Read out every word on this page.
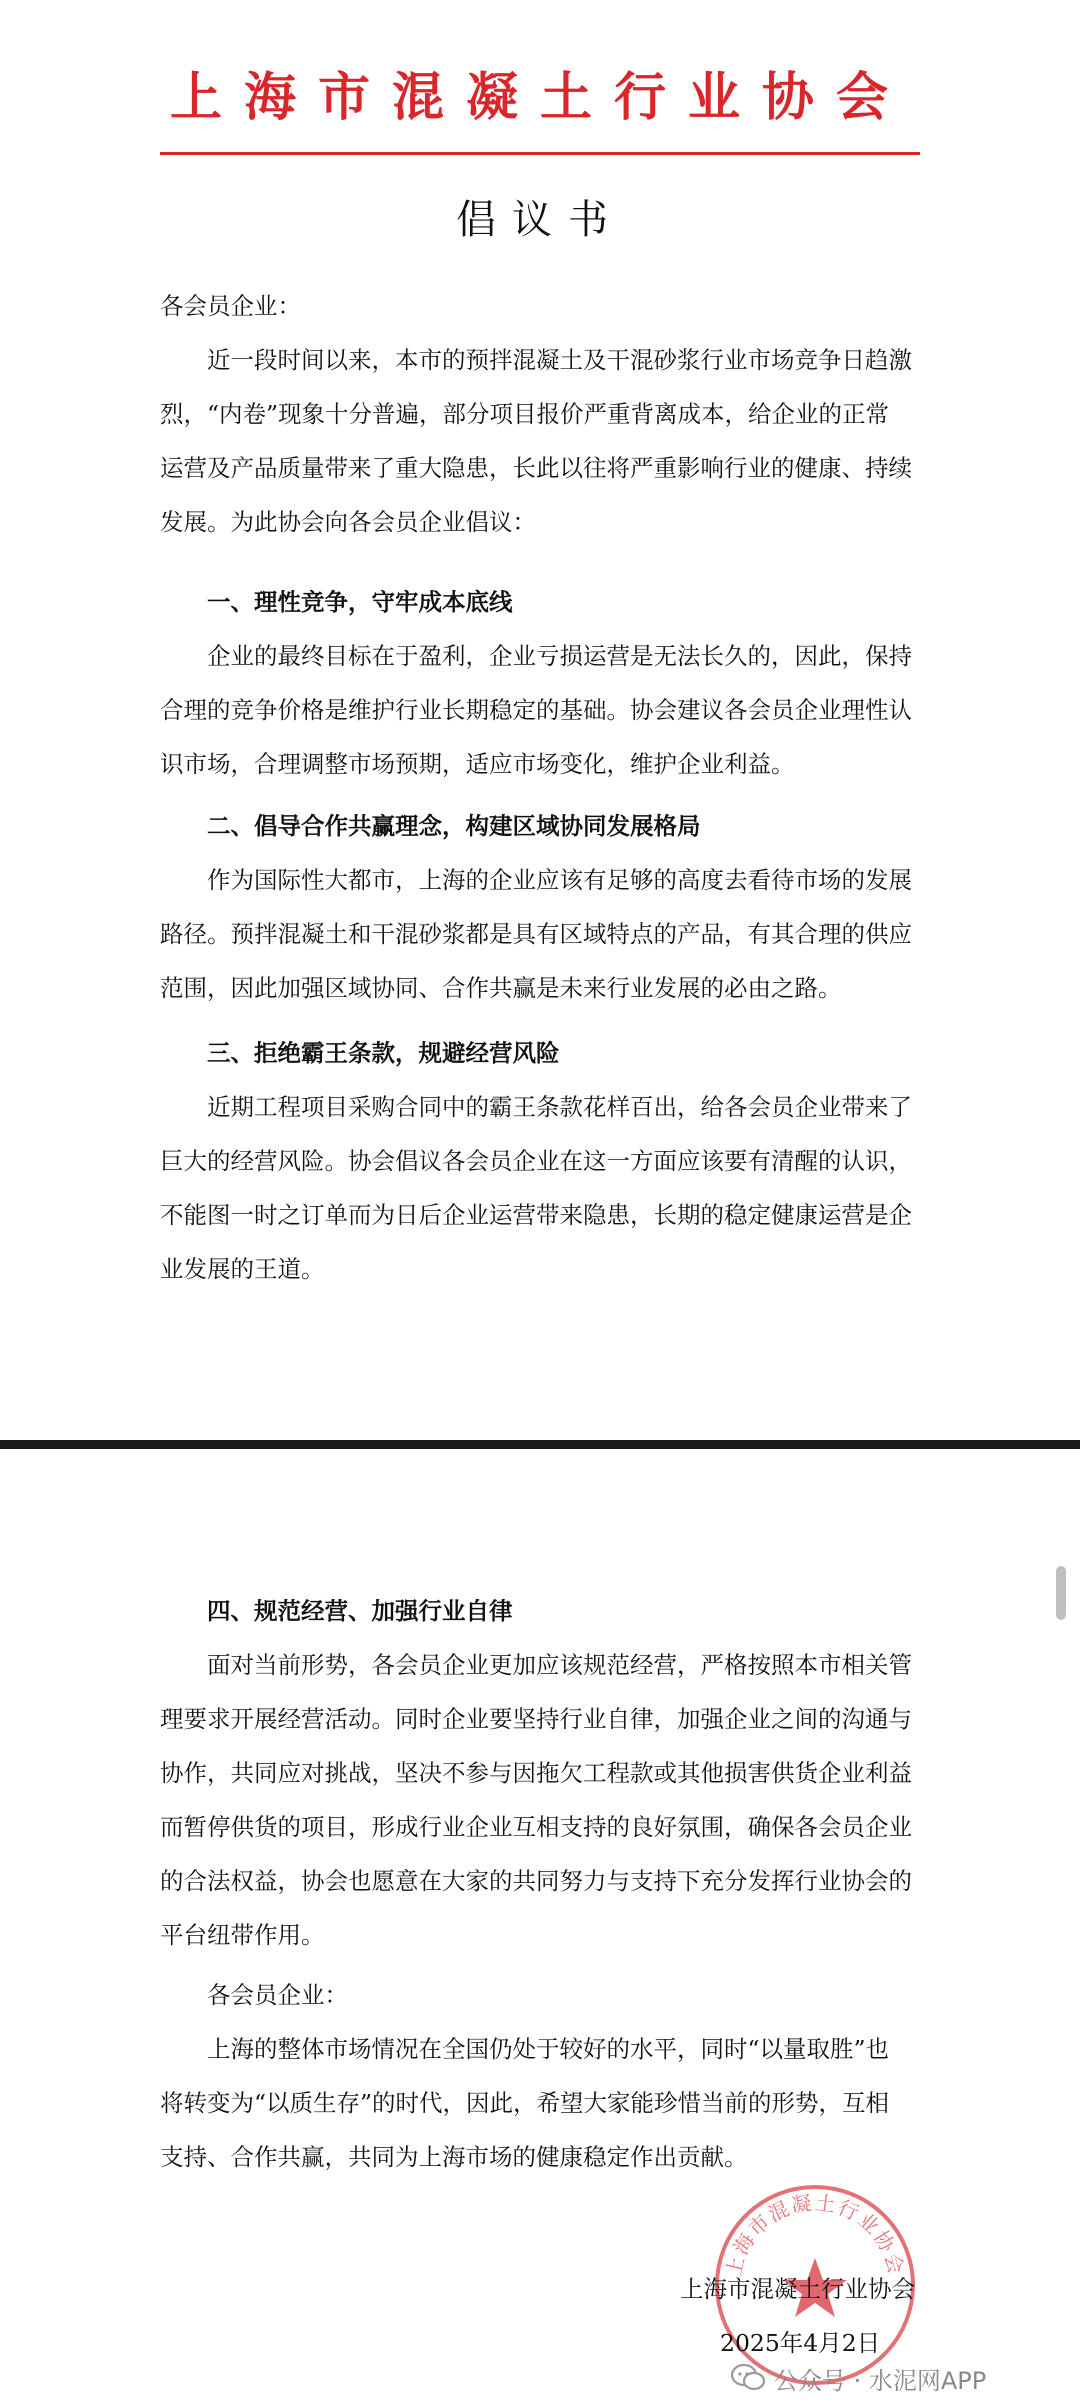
上海市混凝土行业协会
倡议书
各会员企业：
近一段时间以来，本市的预拌混凝土及干混砂浆行业市场竞争日趋激
烈，“内卷”现象十分普遍，部分项目报价严重背离成本，给企业的正常
运营及产品质量带来了重大隐患，长此以往将严重影响行业的健康、持续
发展。为此协会向各会员企业倡议：
一、理性竞争，守牢成本底线
企业的最终目标在于盈利，企业亏损运营是无法长久的，因此，保持
合理的竞争价格是维护行业长期稳定的基础。协会建议各会员企业理性认
识市场，合理调整市场预期，适应市场变化，维护企业利益。
二、倡导合作共赢理念，构建区域协同发展格局
作为国际性大都市，上海的企业应该有足够的高度去看待市场的发展
路径。预拌混凝土和干混砂浆都是具有区域特点的产品，有其合理的供应
范围，因此加强区域协同、合作共赢是未来行业发展的必由之路。
三、拒绝霸王条款，规避经营风险
近期工程项目采购合同中的霸王条款花样百出，给各会员企业带来了
巨大的经营风险。协会倡议各会员企业在这一方面应该要有清醒的认识，
不能图一时之订单而为日后企业运营带来隐患，长期的稳定健康运营是企
业发展的王道。
四、规范经营、加强行业自律
面对当前形势，各会员企业更加应该规范经营，严格按照本市相关管
理要求开展经营活动。同时企业要坚持行业自律，加强企业之间的沟通与
协作，共同应对挑战，坚决不参与因拖欠工程款或其他损害供货企业利益
而暂停供货的项目，形成行业企业互相支持的良好氛围，确保各会员企业
的合法权益，协会也愿意在大家的共同努力与支持下充分发挥行业协会的
平台纽带作用。
各会员企业：
上海的整体市场情况在全国仍处于较好的水平，同时“以量取胜”也
将转变为“以质生存”的时代，因此，希望大家能珍惜当前的形势，互相
支持、合作共赢，共同为上海市场的健康稳定作出贡献。
上海市混凝土行业协会
上海市混凝土行业协会
2025年4月2日
公众号 · 水泥网APP
